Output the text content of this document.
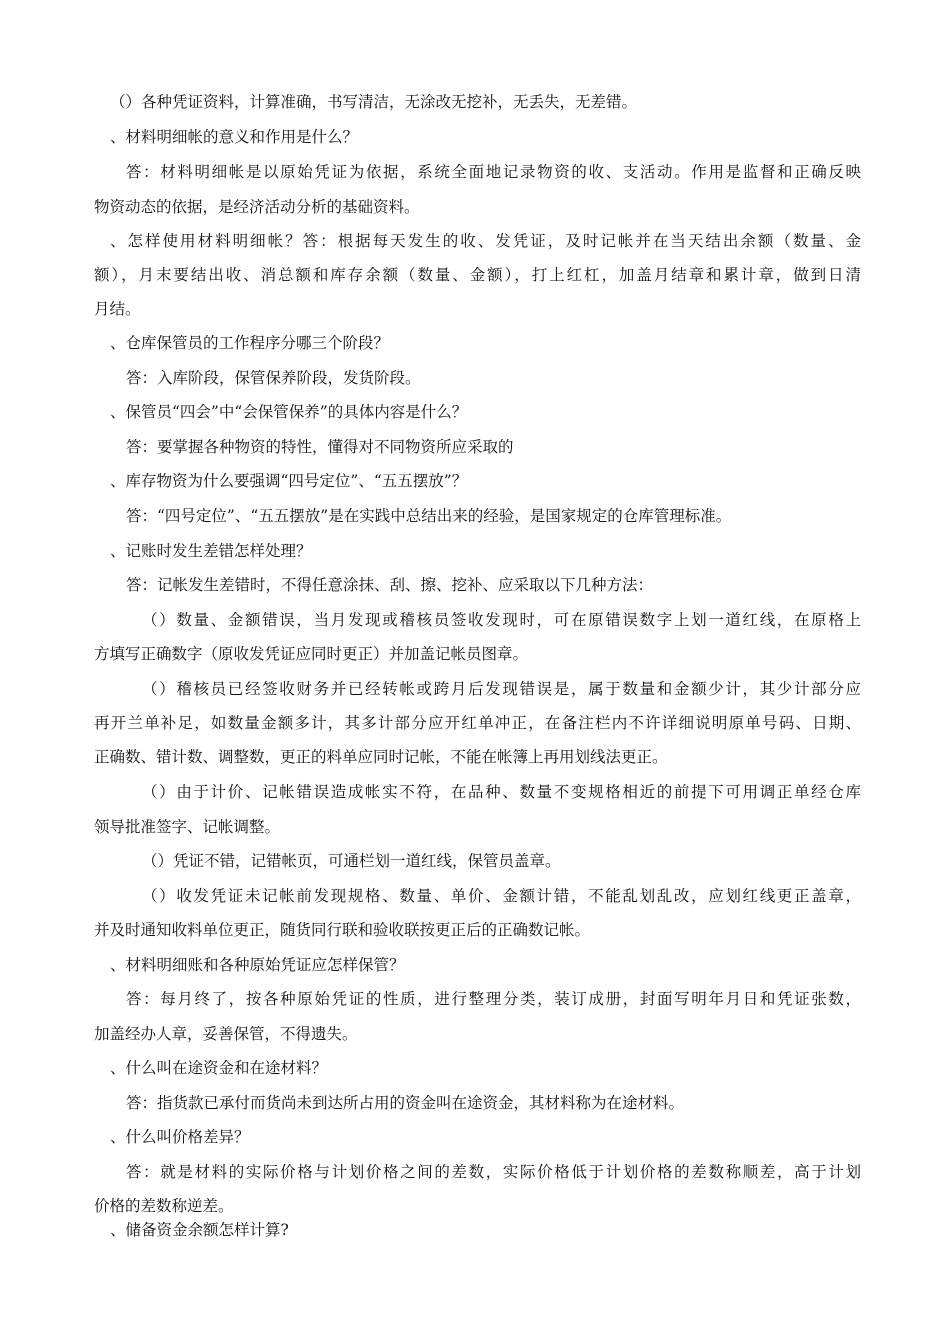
（）各种凭证资料，计算准确，书写清洁，无涂改无挖补，无丢失，无差错。
、材料明细帐的意义和作用是什么？
答：材料明细帐是以原始凭证为依据，系统全面地记录物资的收、支活动。作用是监督和正确反映
物资动态的依据，是经济活动分析的基础资料。
、怎样使用材料明细帐？答：根据每天发生的收、发凭证，及时记帐并在当天结出余额（数量、金
额），月末要结出收、消总额和库存余额（数量、金额），打上红杠，加盖月结章和累计章，做到日清
月结。
、仓库保管员的工作程序分哪三个阶段？
答：入库阶段，保管保养阶段，发货阶段。
、保管员“四会”中“会保管保养”的具体内容是什么？
答：要掌握各种物资的特性，懂得对不同物资所应采取的
、库存物资为什么要强调“四号定位”、“五五摆放”？
答：“四号定位”、“五五摆放”是在实践中总结出来的经验，是国家规定的仓库管理标准。
、记账时发生差错怎样处理？
答：记帐发生差错时，不得任意涂抹、刮、擦、挖补、应采取以下几种方法：
（）数量、金额错误，当月发现或稽核员签收发现时，可在原错误数字上划一道红线，在原格上
方填写正确数字（原收发凭证应同时更正）并加盖记帐员图章。
（）稽核员已经签收财务并已经转帐或跨月后发现错误是，属于数量和金额少计，其少计部分应
再开兰单补足，如数量金额多计，其多计部分应开红单冲正，在备注栏内不许详细说明原单号码、日期、
正确数、错计数、调整数，更正的料单应同时记帐，不能在帐簿上再用划线法更正。
（）由于计价、记帐错误造成帐实不符，在品种、数量不变规格相近的前提下可用调正单经仓库
领导批准签字、记帐调整。
（）凭证不错，记错帐页，可通栏划一道红线，保管员盖章。
（）收发凭证未记帐前发现规格、数量、单价、金额计错，不能乱划乱改，应划红线更正盖章，
并及时通知收料单位更正，随货同行联和验收联按更正后的正确数记帐。
、材料明细账和各种原始凭证应怎样保管？
答：每月终了，按各种原始凭证的性质，进行整理分类，装订成册，封面写明年月日和凭证张数，
加盖经办人章，妥善保管，不得遗失。
、什么叫在途资金和在途材料？
答：指货款已承付而货尚未到达所占用的资金叫在途资金，其材料称为在途材料。
、什么叫价格差异？
答：就是材料的实际价格与计划价格之间的差数，实际价格低于计划价格的差数称顺差，高于计划
价格的差数称逆差。
、储备资金余额怎样计算?
